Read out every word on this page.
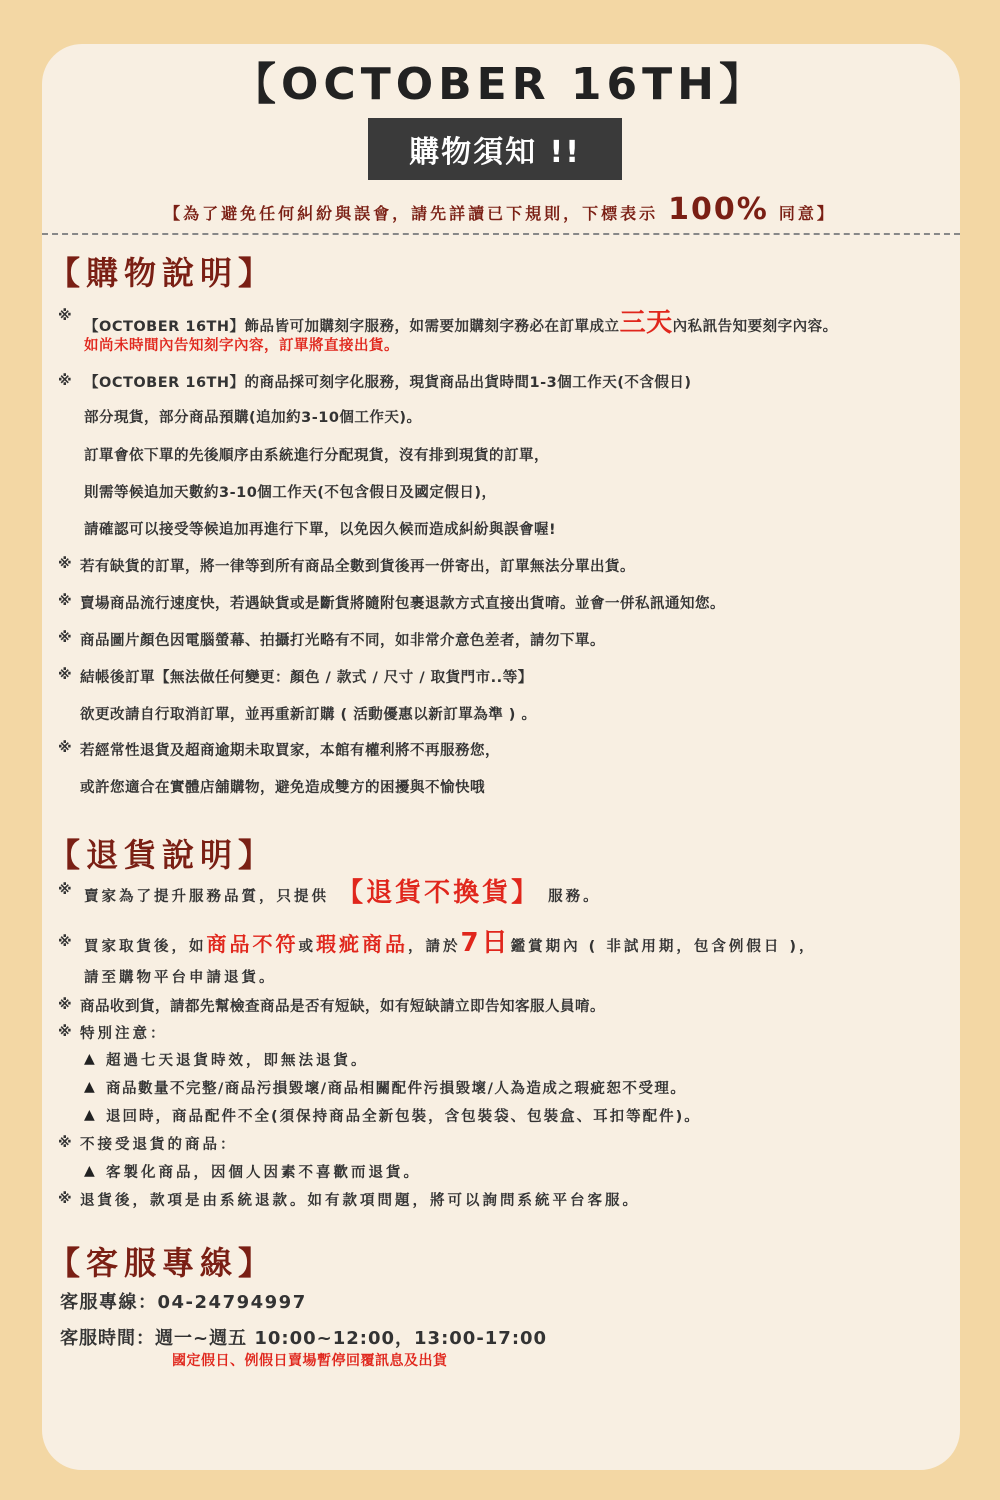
【OCTOBER 16TH】
購物須知 !!
【為了避免任何糾紛與誤會，請先詳讀已下規則，下標表示 100% 同意】
【購物說明】
※
【OCTOBER 16TH】飾品皆可加購刻字服務，如需要加購刻字務必在訂單成立三天內私訊告知要刻字內容。
如尚未時間內告知刻字內容，訂單將直接出貨。
※ 【OCTOBER 16TH】的商品採可刻字化服務，現貨商品出貨時間1-3個工作天(不含假日)
部分現貨，部分商品預購(追加約3-10個工作天)。
訂單會依下單的先後順序由系統進行分配現貨，沒有排到現貨的訂單，
則需等候追加天數約3-10個工作天(不包含假日及國定假日)，
請確認可以接受等候追加再進行下單，以免因久候而造成糾紛與誤會喔!
※ 若有缺貨的訂單，將一律等到所有商品全數到貨後再一併寄出，訂單無法分單出貨。
※ 賣場商品流行速度快，若遇缺貨或是斷貨將隨附包裹退款方式直接出貨唷。並會一併私訊通知您。
※ 商品圖片顏色因電腦螢幕、拍攝打光略有不同，如非常介意色差者，請勿下單。
※ 結帳後訂單【無法做任何變更：顏色 / 款式 / 尺寸 / 取貨門市..等】
欲更改請自行取消訂單，並再重新訂購 ( 活動優惠以新訂單為準 ) 。
※ 若經常性退貨及超商逾期未取買家，本館有權利將不再服務您，
或許您適合在實體店舖購物，避免造成雙方的困擾與不愉快哦
【退貨說明】
※ 賣家為了提升服務品質，只提供 【退貨不換貨】 服務。
※ 買家取貨後，如商品不符或瑕疵商品，請於7日鑑賞期內 ( 非試用期，包含例假日 )，
請至購物平台申請退貨。
※ 商品收到貨，請都先幫檢查商品是否有短缺，如有短缺請立即告知客服人員唷。
※ 特別注意：
▲ 超過七天退貨時效，即無法退貨。
▲ 商品數量不完整/商品污損毀壞/商品相關配件污損毀壞/人為造成之瑕疵恕不受理。
▲ 退回時，商品配件不全(須保持商品全新包裝，含包裝袋、包裝盒、耳扣等配件)。
※ 不接受退貨的商品：
▲ 客製化商品，因個人因素不喜歡而退貨。
※ 退貨後，款項是由系統退款。如有款項問題，將可以詢問系統平台客服。
【客服專線】
客服專線：04-24794997
客服時間：週一~週五 10:00~12:00，13:00-17:00
國定假日、例假日賣場暫停回覆訊息及出貨
